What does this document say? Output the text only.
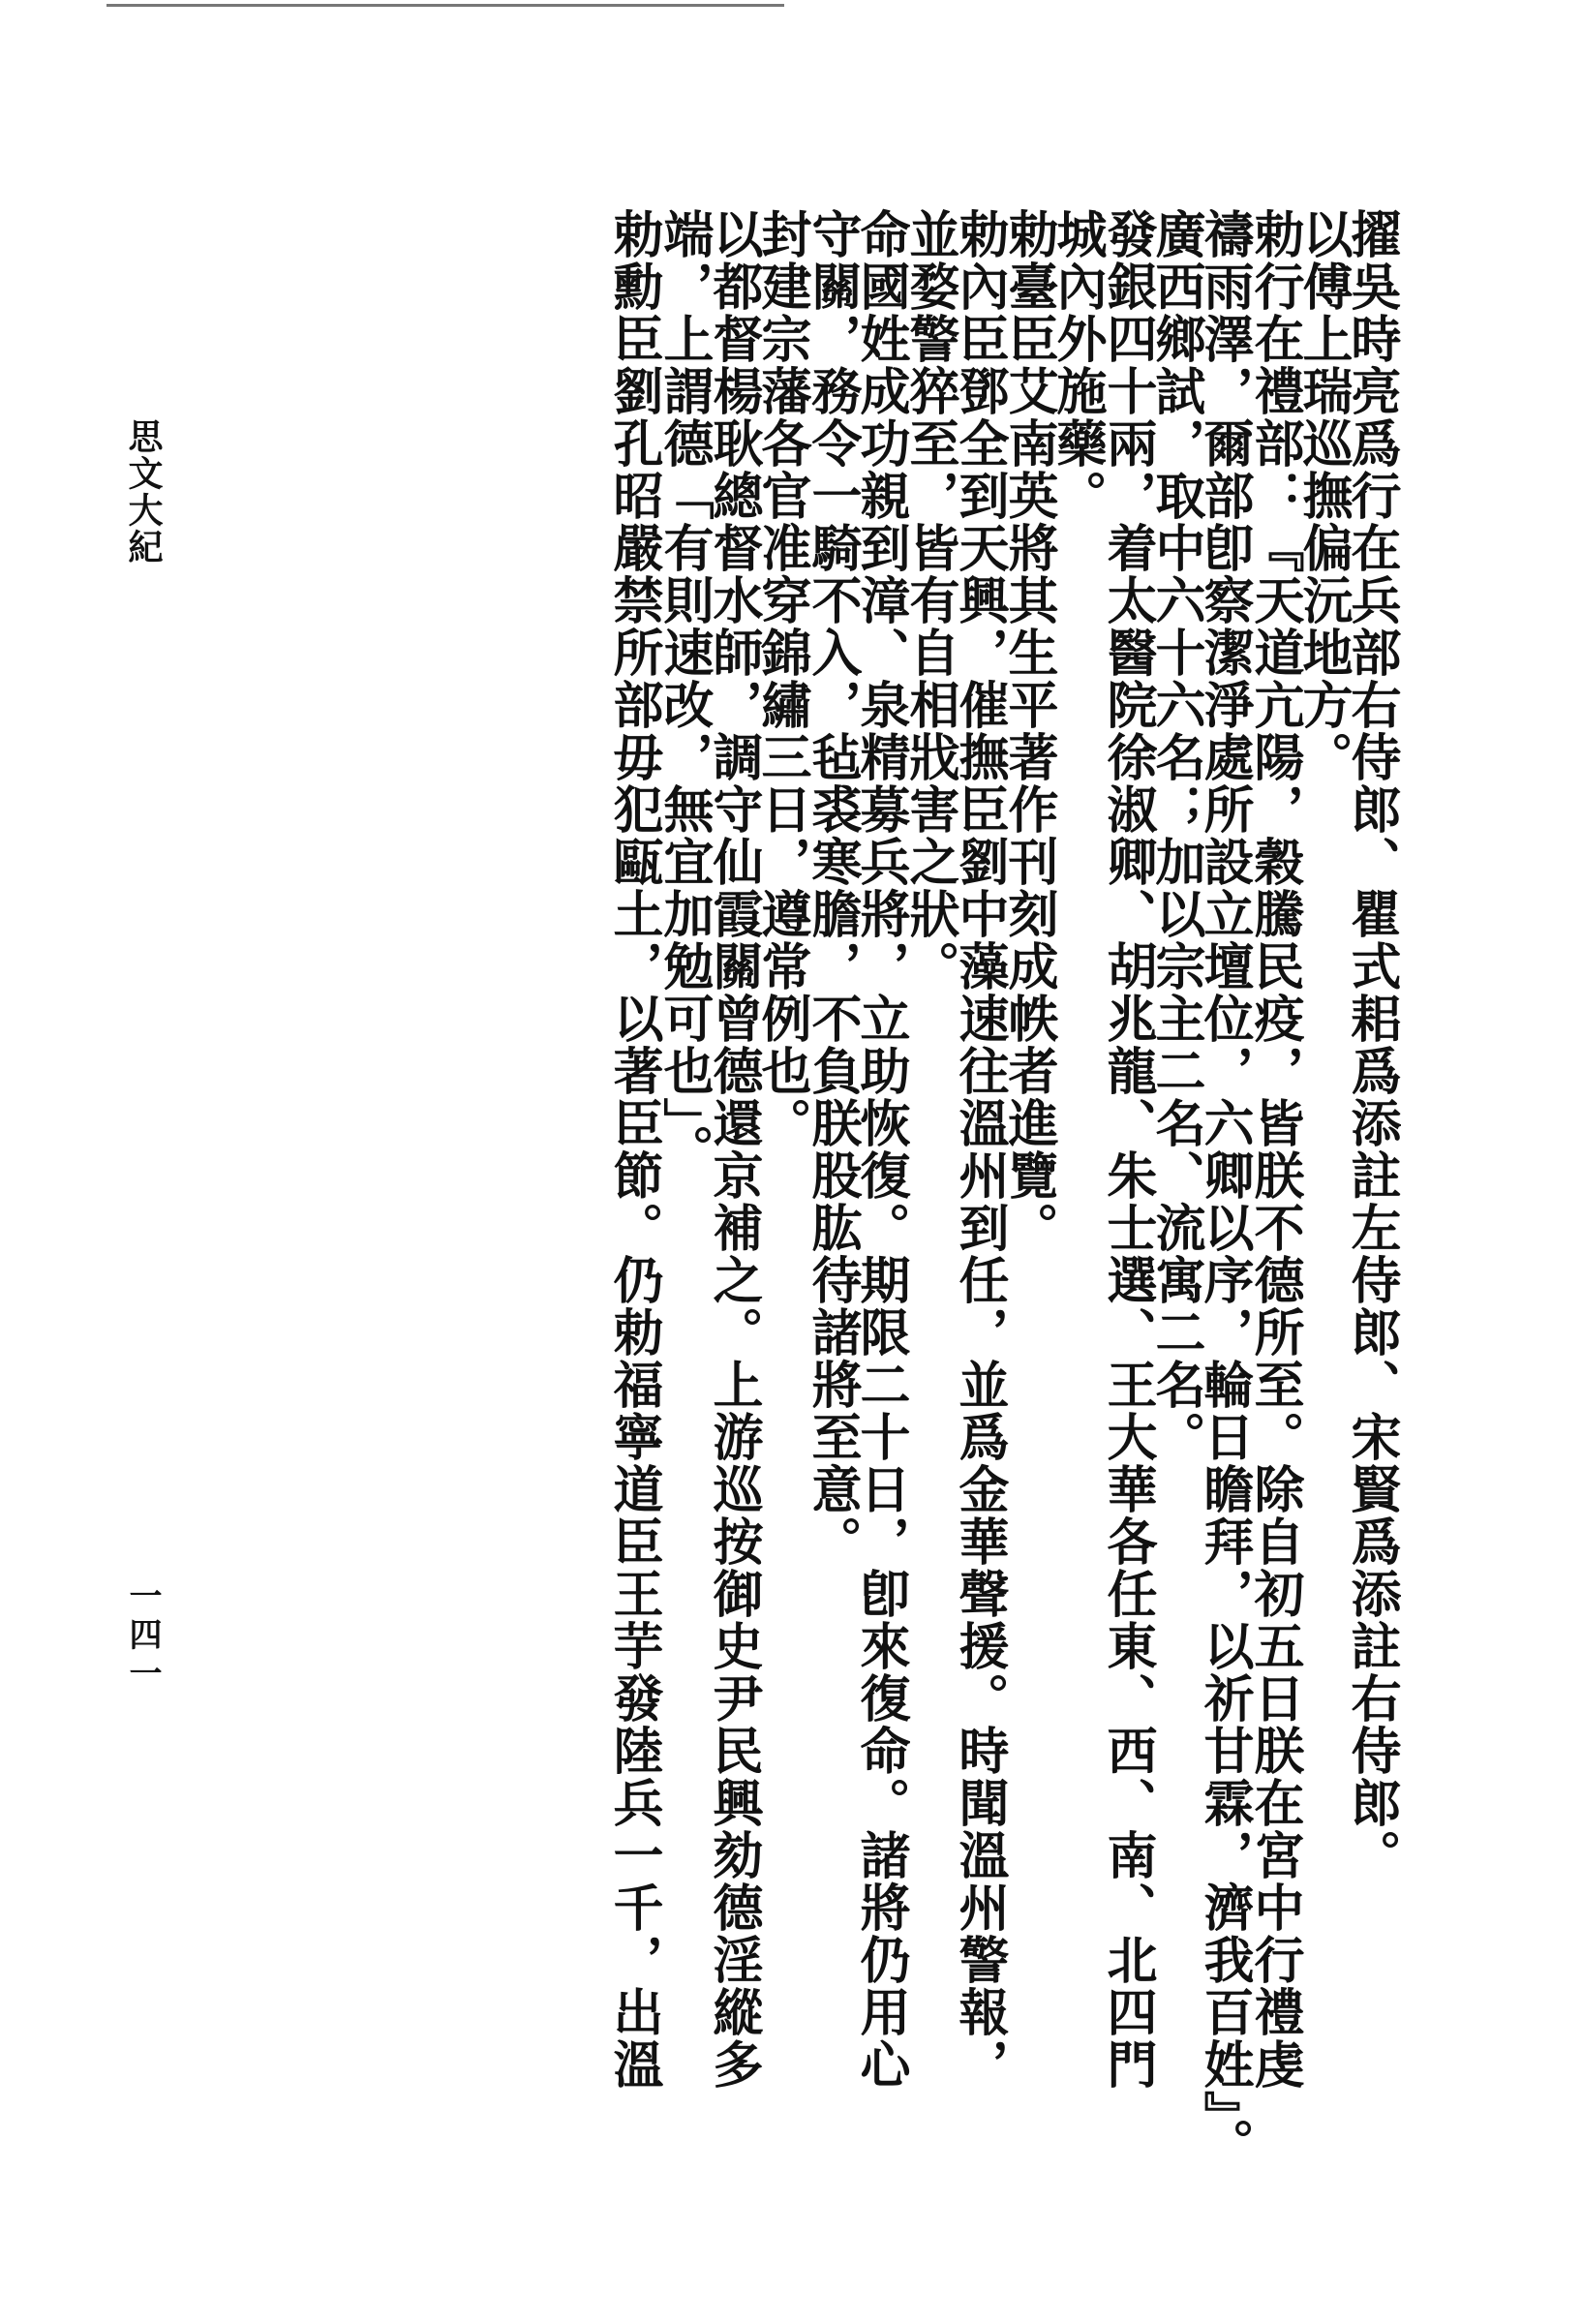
擢吳時亮爲行在兵部右侍郎、瞿式耜爲添註左侍郎、宋賢爲添註右侍郎。
以傅上瑞巡撫偏沅地方。
勅行在禮部：『天道亢陽，穀騰民疫，皆朕不德所至。除自初五日朕在宮中行禮虔
禱雨澤，爾部卽察潔淨處所設立壇位，六卿以序，輪日瞻拜，以祈甘霖，濟我百姓』。
廣西鄉試，取中六十六名；加以宗主二名、流寓二名。
發銀四十兩，着太醫院徐淑卿、胡兆龍、朱士選、王大華各任東、西、南、北四門
城內外施藥。
勅臺臣艾南英將其生平著作刊刻成帙者進覽。
勅內臣鄧全到天興，催撫臣劉中藻速往溫州到任，並爲金華聲援。時聞溫州警報，
並婺警猝至，皆有自相戕害之狀。
命國姓成功親到漳、泉精募兵將，立助恢復。期限二十日，卽來復命。諸將仍用心
守關，務令一騎不入，毡裘寒膽，不負朕股肱待諸將至意。
封建宗藩各官准穿錦繡三日，遵常例也。
以都督楊耿總督水師，調守仙霞關曾德還京補之。上游巡按御史尹民興劾德淫縱多
端，上謂德「有則速改，無宜加勉可也」。
勅勳臣劉孔昭嚴禁所部毋犯甌土，以著臣節。仍勅福寧道臣王芋發陸兵一千，出溫
思文大紀
一四一
